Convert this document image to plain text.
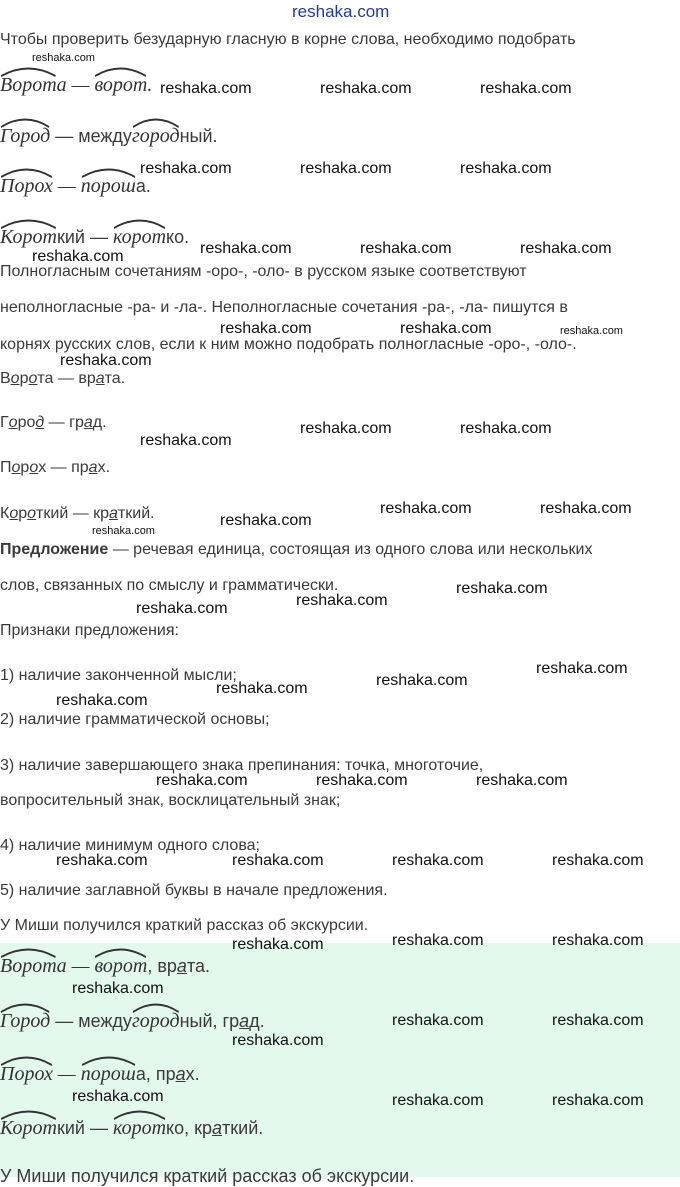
reshaka.com
Чтобы проверить безударную гласную в корне слова, необходимо подобрать
Ворота —
ворот.
Город — между
городный.
Порох —
пороша.
Короткий —
коротко.
Полногласным сочетаниям -оро-, -оло- в русском языке соответствуют
неполногласные -ра- и -ла-. Неполногласные сочетания -ра-, -ла- пишутся в
корнях русских слов, если к ним можно подобрать полногласные -оро-, -оло-.
Ворота — врата.
Город — град.
Порох — прах.
Короткий — краткий.
Предложение — речевая единица, состоящая из одного слова или нескольких
слов, связанных по смыслу и грамматически.
Признаки предложения:
1) наличие законченной мысли;
2) наличие грамматической основы;
3) наличие завершающего знака препинания: точка, многоточие,
вопросительный знак, восклицательный знак;
4) наличие минимум одного слова;
5) наличие заглавной буквы в начале предложения.
У Миши получился краткий рассказ об экскурсии.
Ворота —
ворот, врата.
Город — между
городный, град.
Порох —
пороша, прах.
Короткий —
коротко, краткий.
У Миши получился краткий рассказ об экскурсии.
reshaka.com
reshaka.com	reshaka.com	reshaka.com
reshaka.com	reshaka.com	reshaka.com
reshaka.com	reshaka.com	reshaka.com
reshaka.com
reshaka.com	reshaka.com	reshaka.com
reshaka.com
reshaka.com
reshaka.com	reshaka.com
reshaka.com	reshaka.com
reshaka.com
reshaka.com
reshaka.com
reshaka.com
reshaka.com
reshaka.com
reshaka.com
reshaka.com
reshaka.com
reshaka.com	reshaka.com	reshaka.com
reshaka.com	reshaka.com	reshaka.com	reshaka.com
reshaka.com	reshaka.com	reshaka.com
reshaka.com
reshaka.com	reshaka.com
reshaka.com
reshaka.com	reshaka.com	reshaka.com
